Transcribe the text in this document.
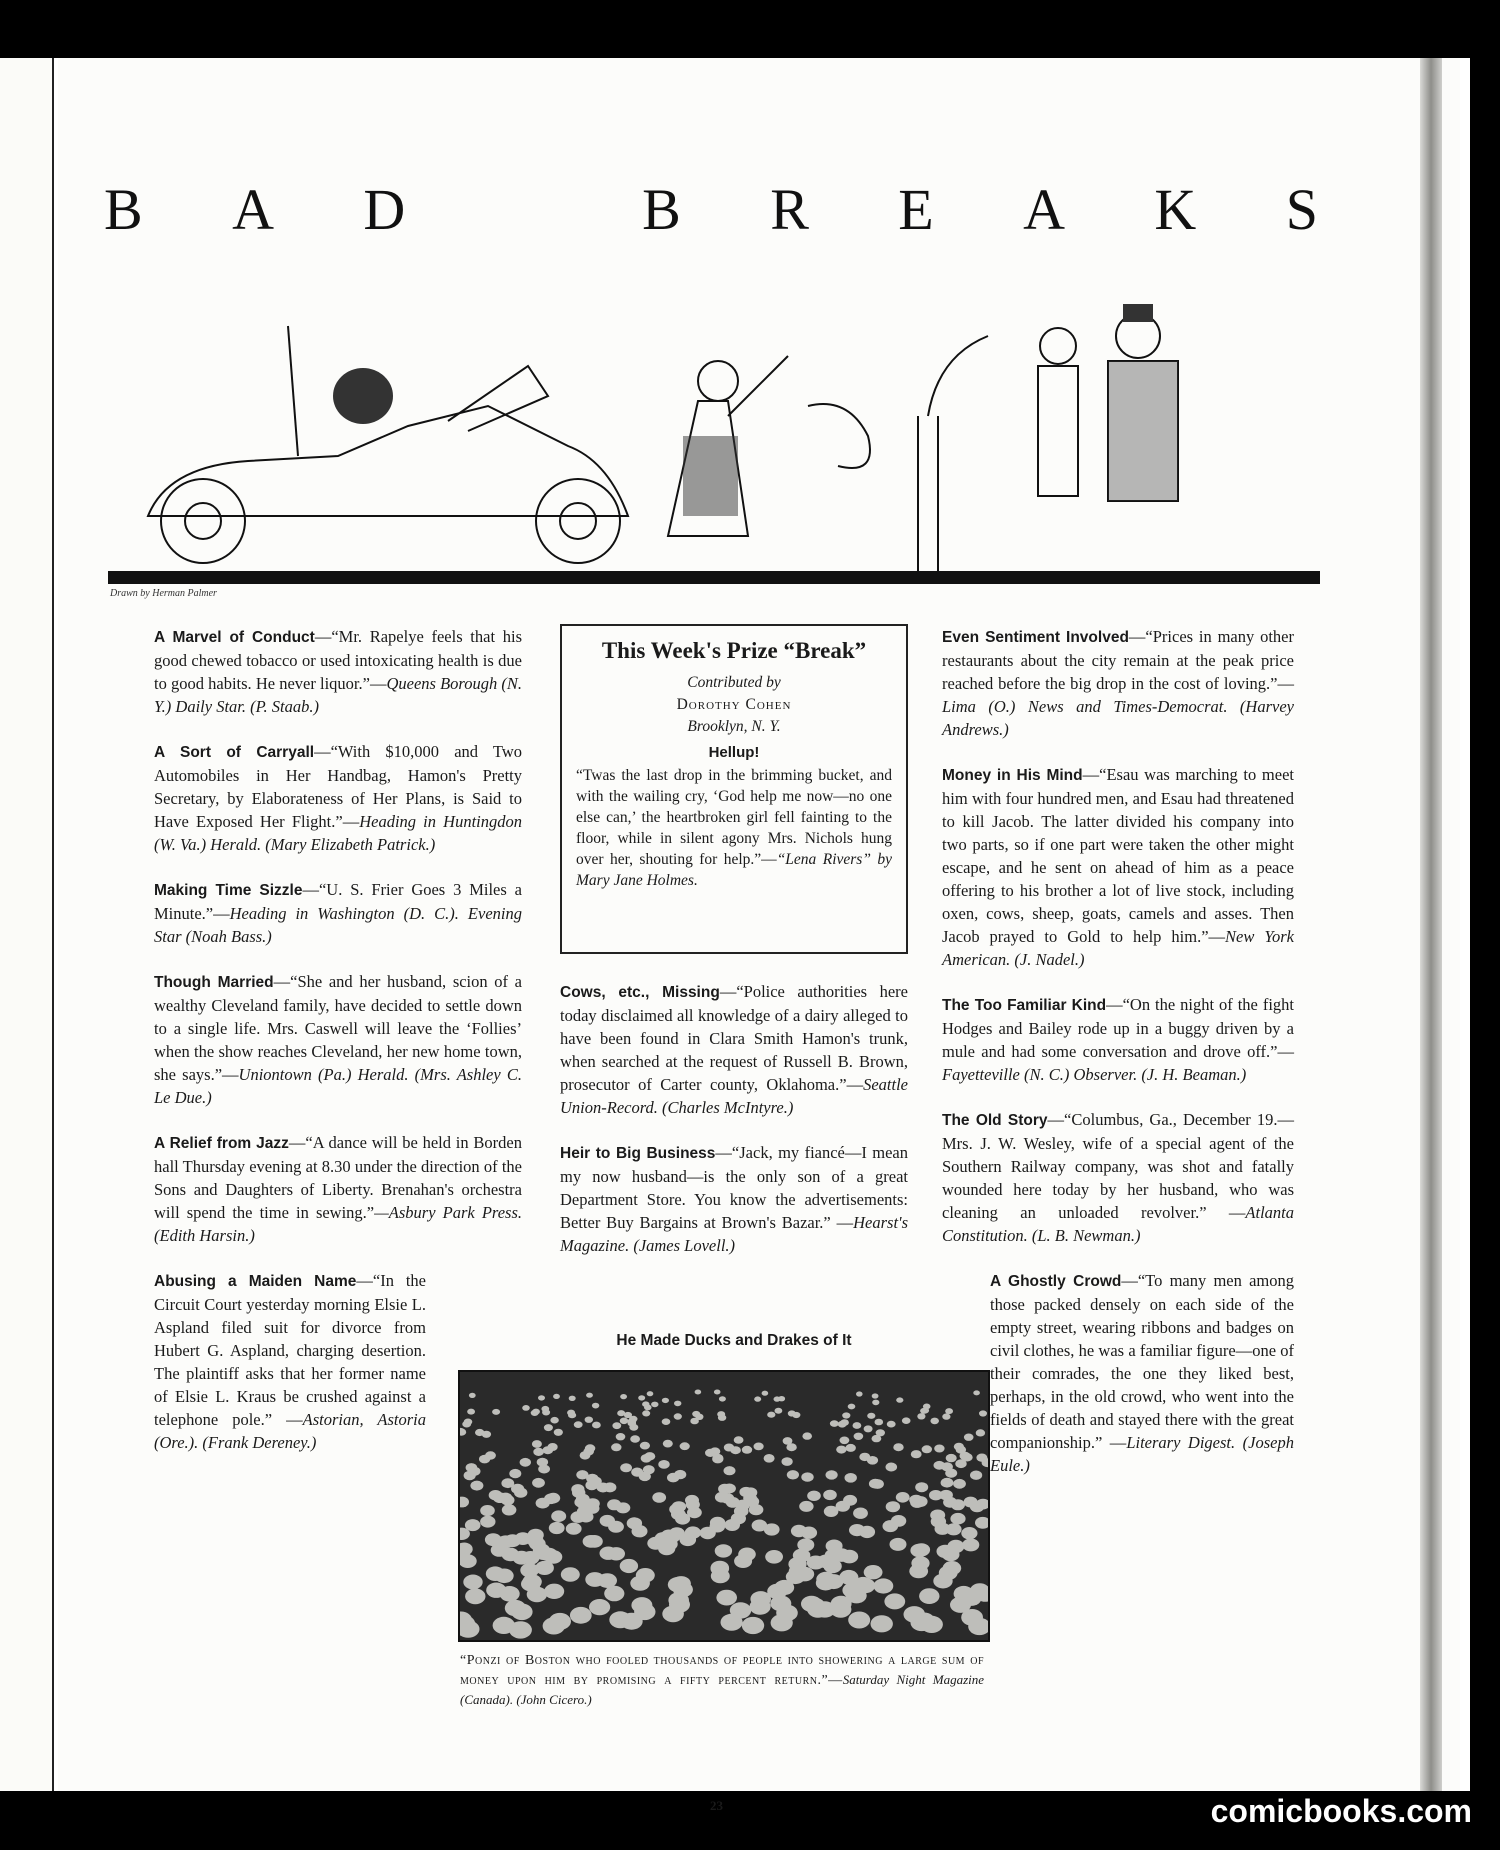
B A D	B R E A K S
Drawn by Herman Palmer

A Marvel of Conduct—“Mr. Rapelye feels that his good chewed tobacco or used intoxicating health is due to good habits. He never liquor.”—Queens Borough (N. Y.) Daily Star. (P. Staab.)

A Sort of Carryall—“With $10,000 and Two Automobiles in Her Handbag, Hamon's Pretty Secretary, by Elaborateness of Her Plans, is Said to Have Exposed Her Flight.”—Heading in Huntingdon (W. Va.) Herald. (Mary Elizabeth Patrick.)

Making Time Sizzle—“U. S. Frier Goes 3 Miles a Minute.”—Heading in Washington (D. C.). Evening Star (Noah Bass.)

Though Married—“She and her husband, scion of a wealthy Cleveland family, have decided to settle down to a single life. Mrs. Caswell will leave the ‘Follies’ when the show reaches Cleveland, her new home town, she says.”—Uniontown (Pa.) Herald. (Mrs. Ashley C. Le Due.)

A Relief from Jazz—“A dance will be held in Borden hall Thursday evening at 8.30 under the direction of the Sons and Daughters of Liberty. Brenahan's orchestra will spend the time in sewing.”—Asbury Park Press. (Edith Harsin.)

Abusing a Maiden Name—“In the Circuit Court yesterday morning Elsie L. Aspland filed suit for divorce from Hubert G. Aspland, charging desertion. The plaintiff asks that her former name of Elsie L. Kraus be crushed against a telephone pole.” —Astorian, Astoria (Ore.). (Frank Dereney.)

This Week's Prize “Break”
Contributed by
Dorothy Cohen
Brooklyn, N. Y.
Hellup!
“Twas the last drop in the brimming bucket, and with the wailing cry, ‘God help me now—no one else can,’ the heartbroken girl fell fainting to the floor, while in silent agony Mrs. Nichols hung over her, shouting for help.”—“Lena Rivers” by Mary Jane Holmes.

Cows, etc., Missing—“Police authorities here today disclaimed all knowledge of a dairy alleged to have been found in Clara Smith Hamon's trunk, when searched at the request of Russell B. Brown, prosecutor of Carter county, Oklahoma.”—Seattle Union-Record. (Charles McIntyre.)

Heir to Big Business—“Jack, my fiancé—I mean my now husband—is the only son of a great Department Store. You know the advertisements: Better Buy Bargains at Brown's Bazar.” —Hearst's Magazine. (James Lovell.)

He Made Ducks and Drakes of It
“Ponzi of Boston who fooled thousands of people into showering a large sum of money upon him by promising a fifty percent return.”—Saturday Night Magazine (Canada). (John Cicero.)

Even Sentiment Involved—“Prices in many other restaurants about the city remain at the peak price reached before the big drop in the cost of loving.”—Lima (O.) News and Times-Democrat. (Harvey Andrews.)

Money in His Mind—“Esau was marching to meet him with four hundred men, and Esau had threatened to kill Jacob. The latter divided his company into two parts, so if one part were taken the other might escape, and he sent on ahead of him as a peace offering to his brother a lot of live stock, including oxen, cows, sheep, goats, camels and asses. Then Jacob prayed to Gold to help him.”—New York American. (J. Nadel.)

The Too Familiar Kind—“On the night of the fight Hodges and Bailey rode up in a buggy driven by a mule and had some conversation and drove off.”—Fayetteville (N. C.) Observer. (J. H. Beaman.)

The Old Story—“Columbus, Ga., December 19.—Mrs. J. W. Wesley, wife of a special agent of the Southern Railway company, was shot and fatally wounded here today by her husband, who was cleaning an unloaded revolver.” —Atlanta Constitution. (L. B. Newman.)

A Ghostly Crowd—“To many men among those packed densely on each side of the empty street, wearing ribbons and badges on civil clothes, he was a familiar figure—one of their comrades, the one they liked best, perhaps, in the old crowd, who went into the fields of death and stayed there with the great companionship.” —Literary Digest. (Joseph Eule.)

23	comicbooks.com
